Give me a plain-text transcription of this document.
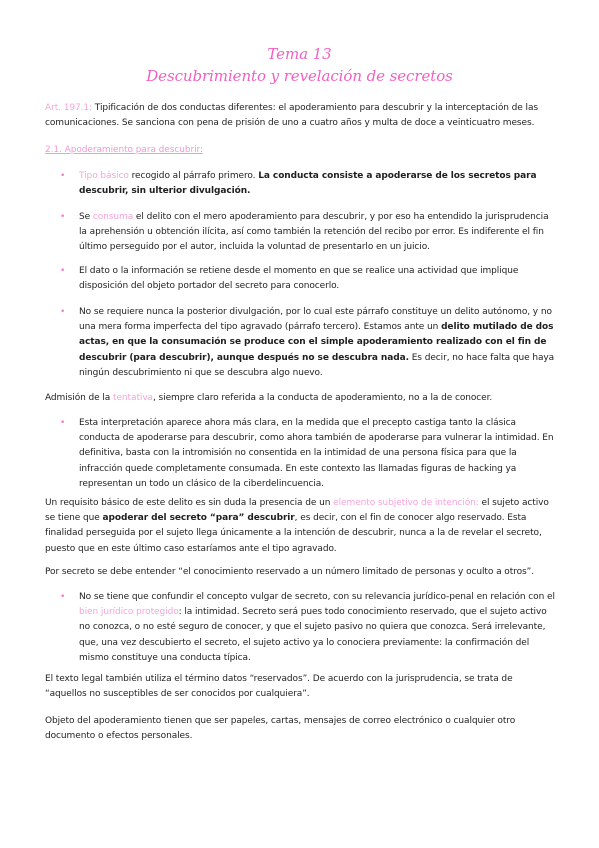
Tema 13
Descubrimiento y revelación de secretos

Art. 197.1: Tipificación de dos conductas diferentes: el apoderamiento para descubrir y la interceptación de las comunicaciones. Se sanciona con pena de prisión de uno a cuatro años y multa de doce a veinticuatro meses.

2.1. Apoderamiento para descubrir:

• Tipo básico recogido al párrafo primero. La conducta consiste a apoderarse de los secretos para descubrir, sin ulterior divulgación.

• Se consuma el delito con el mero apoderamiento para descubrir, y por eso ha entendido la jurisprudencia la aprehensión u obtención ilícita, así como también la retención del recibo por error. Es indiferente el fin último perseguido por el autor, incluida la voluntad de presentarlo en un juicio.

• El dato o la información se retiene desde el momento en que se realice una actividad que implique disposición del objeto portador del secreto para conocerlo.

• No se requiere nunca la posterior divulgación, por lo cual este párrafo constituye un delito autónomo, y no una mera forma imperfecta del tipo agravado (párrafo tercero). Estamos ante un delito mutilado de dos actas, en que la consumación se produce con el simple apoderamiento realizado con el fin de descubrir (para descubrir), aunque después no se descubra nada. Es decir, no hace falta que haya ningún descubrimiento ni que se descubra algo nuevo.

Admisión de la tentativa, siempre claro referida a la conducta de apoderamiento, no a la de conocer.

• Esta interpretación aparece ahora más clara, en la medida que el precepto castiga tanto la clásica conducta de apoderarse para descubrir, como ahora también de apoderarse para vulnerar la intimidad. En definitiva, basta con la intromisión no consentida en la intimidad de una persona física para que la infracción quede completamente consumada. En este contexto las llamadas figuras de hacking ya representan un todo un clásico de la ciberdelincuencia.

Un requisito básico de este delito es sin duda la presencia de un elemento subjetivo de intención: el sujeto activo se tiene que apoderar del secreto “para” descubrir, es decir, con el fin de conocer algo reservado. Esta finalidad perseguida por el sujeto llega únicamente a la intención de descubrir, nunca a la de revelar el secreto, puesto que en este último caso estaríamos ante el tipo agravado.

Por secreto se debe entender “el conocimiento reservado a un número limitado de personas y oculto a otros”.

• No se tiene que confundir el concepto vulgar de secreto, con su relevancia jurídico-penal en relación con el bien jurídico protegido: la intimidad. Secreto será pues todo conocimiento reservado, que el sujeto activo no conozca, o no esté seguro de conocer, y que el sujeto pasivo no quiera que conozca. Será irrelevante, que, una vez descubierto el secreto, el sujeto activo ya lo conociera previamente: la confirmación del mismo constituye una conducta típica.

El texto legal también utiliza el término datos “reservados”. De acuerdo con la jurisprudencia, se trata de “aquellos no susceptibles de ser conocidos por cualquiera”.

Objeto del apoderamiento tienen que ser papeles, cartas, mensajes de correo electrónico o cualquier otro documento o efectos personales.
